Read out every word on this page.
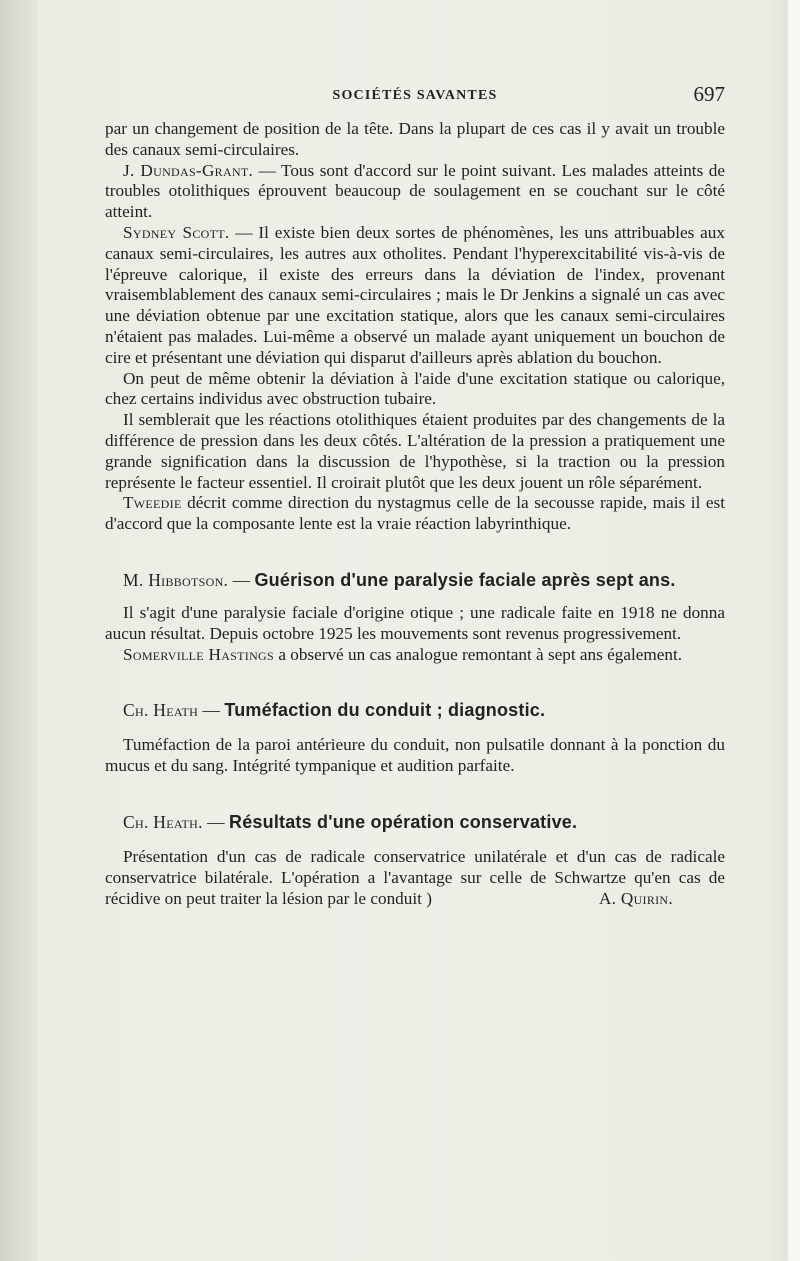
SOCIÉTÉS SAVANTES	697

par un changement de position de la tête. Dans la plupart de ces cas il y avait un trouble des canaux semi-circulaires.

J. Dundas-Grant. — Tous sont d'accord sur le point suivant. Les malades atteints de troubles otolithiques éprouvent beaucoup de soulagement en se couchant sur le côté atteint.

Sydney Scott. — Il existe bien deux sortes de phénomènes, les uns attribuables aux canaux semi-circulaires, les autres aux otholites. Pendant l'hyperexcitabilité vis-à-vis de l'épreuve calorique, il existe des erreurs dans la déviation de l'index, provenant vraisemblablement des canaux semi-circulaires ; mais le Dr Jenkins a signalé un cas avec une déviation obtenue par une excitation statique, alors que les canaux semi-circulaires n'étaient pas malades. Lui-même a observé un malade ayant uniquement un bouchon de cire et présentant une déviation qui disparut d'ailleurs après ablation du bouchon.

On peut de même obtenir la déviation à l'aide d'une excitation statique ou calorique, chez certains individus avec obstruction tubaire.

Il semblerait que les réactions otolithiques étaient produites par des changements de la différence de pression dans les deux côtés. L'altération de la pression a pratiquement une grande signification dans la discussion de l'hypothèse, si la traction ou la pression représente le facteur essentiel. Il croirait plutôt que les deux jouent un rôle séparément.

Tweedie décrit comme direction du nystagmus celle de la secousse rapide, mais il est d'accord que la composante lente est la vraie réaction labyrinthique.

M. Hibbotson. — Guérison d'une paralysie faciale après sept ans.

Il s'agit d'une paralysie faciale d'origine otique ; une radicale faite en 1918 ne donna aucun résultat. Depuis octobre 1925 les mouvements sont revenus progressivement.

Somerville Hastings a observé un cas analogue remontant à sept ans également.

Ch. Heath — Tuméfaction du conduit ; diagnostic.

Tuméfaction de la paroi antérieure du conduit, non pulsatile donnant à la ponction du mucus et du sang. Intégrité tympanique et audition parfaite.

Ch. Heath. — Résultats d'une opération conservative.

Présentation d'un cas de radicale conservatrice unilatérale et d'un cas de radicale conservatrice bilatérale. L'opération a l'avantage sur celle de Schwartze qu'en cas de récidive on peut traiter la lésion par le conduit )	A. Quirin.
